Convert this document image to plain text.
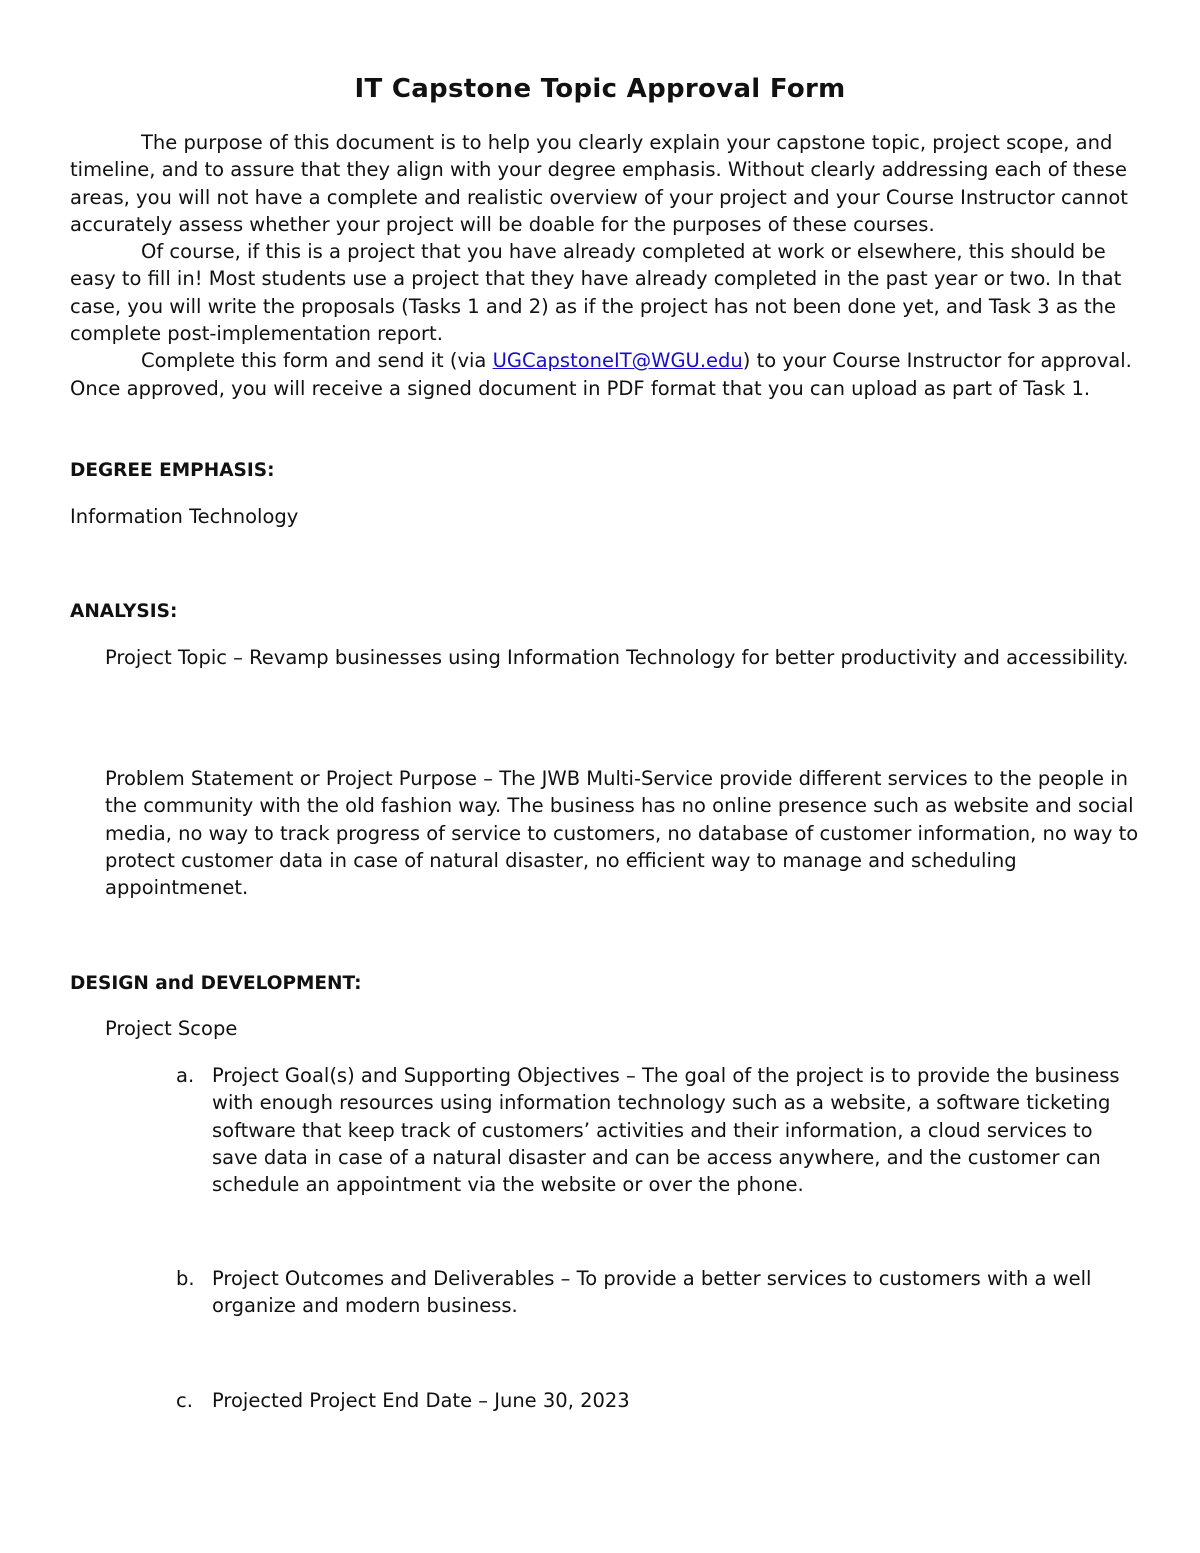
IT Capstone Topic Approval Form

The purpose of this document is to help you clearly explain your capstone topic, project scope, and timeline, and to assure that they align with your degree emphasis. Without clearly addressing each of these areas, you will not have a complete and realistic overview of your project and your Course Instructor cannot accurately assess whether your project will be doable for the purposes of these courses.

Of course, if this is a project that you have already completed at work or elsewhere, this should be easy to fill in! Most students use a project that they have already completed in the past year or two. In that case, you will write the proposals (Tasks 1 and 2) as if the project has not been done yet, and Task 3 as the complete post-implementation report.

Complete this form and send it (via UGCapstoneIT@WGU.edu) to your Course Instructor for approval. Once approved, you will receive a signed document in PDF format that you can upload as part of Task 1.

DEGREE EMPHASIS:
Information Technology
ANALYSIS:
Project Topic – Revamp businesses using Information Technology for better productivity and accessibility.
Problem Statement or Project Purpose – The JWB Multi-Service provide different services to the people in the community with the old fashion way. The business has no online presence such as website and social media, no way to track progress of service to customers, no database of customer information, no way to protect customer data in case of natural disaster, no efficient way to manage and scheduling appointmenet.
DESIGN and DEVELOPMENT:
Project Scope
a. Project Goal(s) and Supporting Objectives – The goal of the project is to provide the business with enough resources using information technology such as a website, a software ticketing software that keep track of customers’ activities and their information, a cloud services to save data in case of a natural disaster and can be access anywhere, and the customer can schedule an appointment via the website or over the phone.
b. Project Outcomes and Deliverables – To provide a better services to customers with a well organize and modern business.
c. Projected Project End Date – June 30, 2023
